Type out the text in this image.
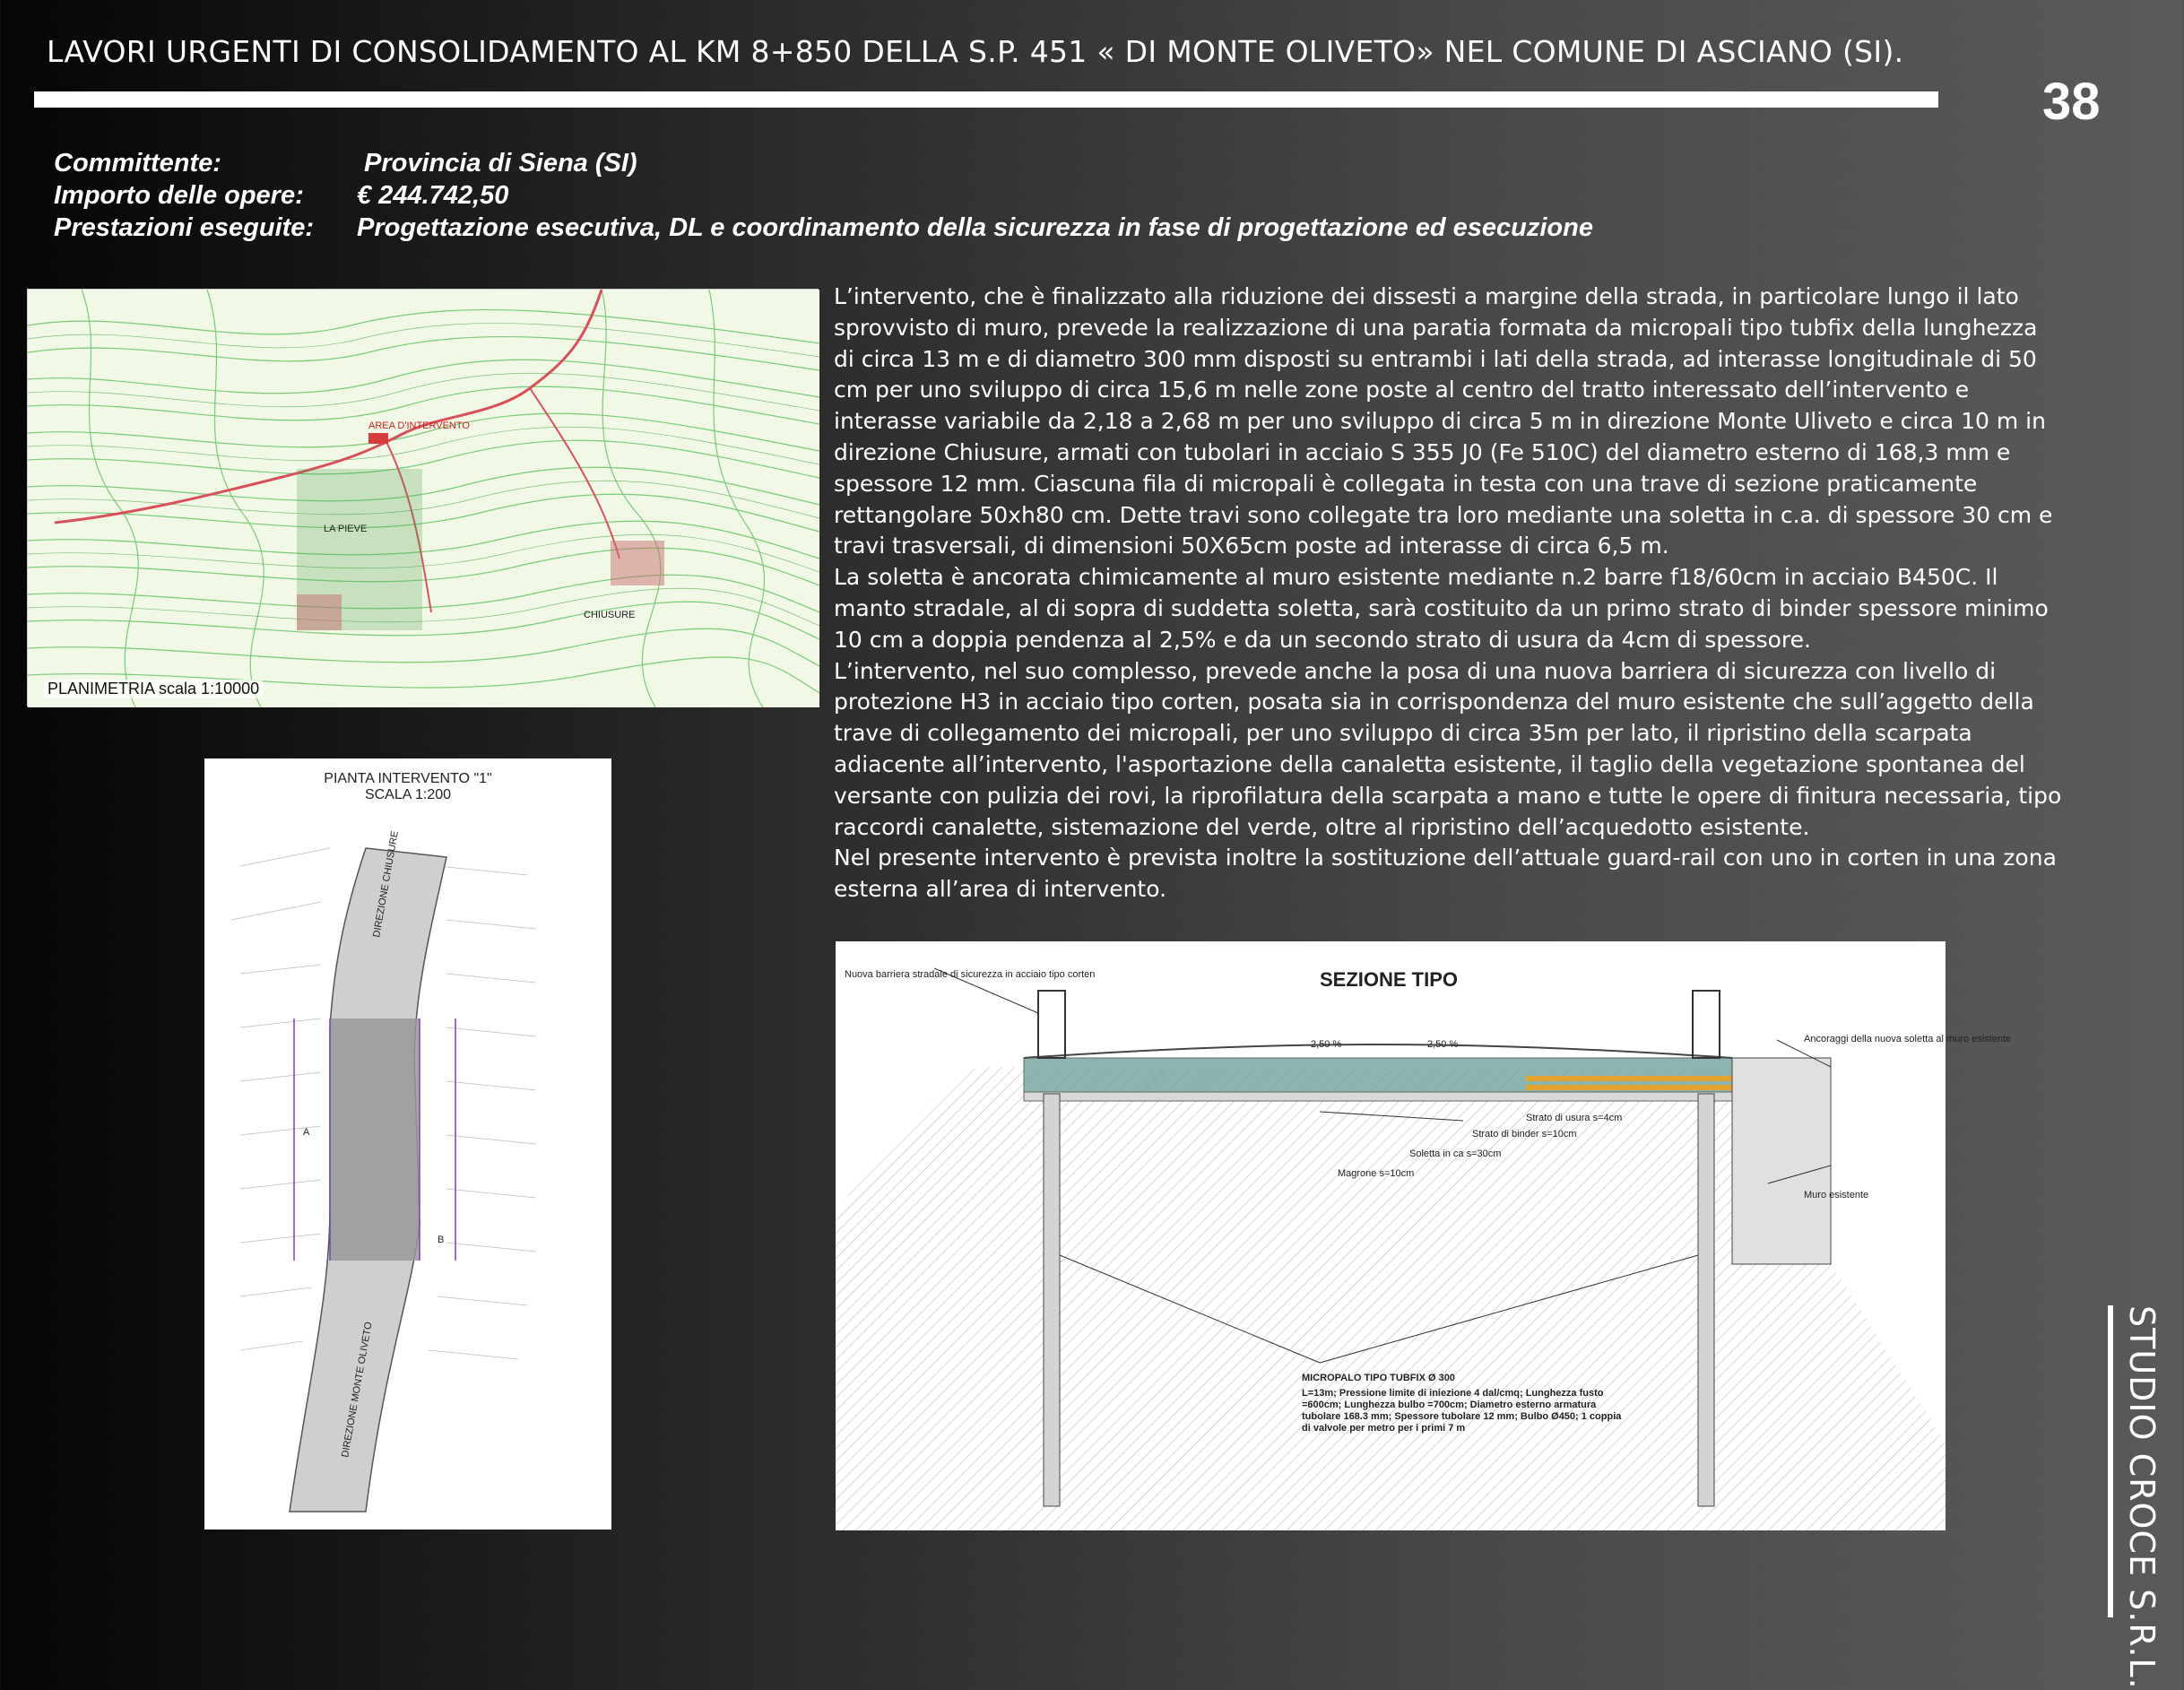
LAVORI URGENTI DI CONSOLIDAMENTO AL KM 8+850 DELLA S.P. 451 « DI MONTE OLIVETO» NEL COMUNE DI ASCIANO (SI).
38
Committente:	Provincia di Siena (SI)
Importo delle opere: € 244.742,50
Prestazioni eseguite: Progettazione esecutiva, DL e coordinamento della sicurezza in fase di progettazione ed esecuzione
AREA D'INTERVENTO
LA PIEVE
CHIUSURE
PLANIMETRIA scala 1:10000
PIANTA INTERVENTO "1"
SCALA 1:200
DIREZIONE CHIUSURE
DIREZIONE MONTE OLIVETO
A
B

L’intervento, che è finalizzato alla riduzione dei dissesti a margine della strada, in particolare lungo il lato sprovvisto di muro, prevede la realizzazione di una paratia formata da micropali tipo tubfix della lunghezza di circa 13 m e di diametro 300 mm disposti su entrambi i lati della strada, ad interasse longitudinale di 50 cm per uno sviluppo di circa 15,6 m nelle zone poste al centro del tratto interessato dell’intervento e interasse variabile da 2,18 a 2,68 m per uno sviluppo di circa 5 m in direzione Monte Uliveto e circa 10 m in direzione Chiusure, armati con tubolari in acciaio S 355 J0 (Fe 510C) del diametro esterno di 168,3 mm e spessore 12 mm. Ciascuna fila di micropali è collegata in testa con una trave di sezione praticamente rettangolare 50xh80 cm. Dette travi sono collegate tra loro mediante una soletta in c.a. di spessore 30 cm e travi trasversali, di dimensioni 50X65cm poste ad interasse di circa 6,5 m.

La soletta è ancorata chimicamente al muro esistente mediante n.2 barre f18/60cm in acciaio B450C. Il manto stradale, al di sopra di suddetta soletta, sarà costituito da un primo strato di binder spessore minimo 10 cm a doppia pendenza al 2,5% e da un secondo strato di usura da 4cm di spessore.

L’intervento, nel suo complesso, prevede anche la posa di una nuova barriera di sicurezza con livello di protezione H3 in acciaio tipo corten, posata sia in corrispondenza del muro esistente che sull’aggetto della trave di collegamento dei micropali, per uno sviluppo di circa 35m per lato, il ripristino della scarpata adiacente all’intervento, l'asportazione della canaletta esistente, il taglio della vegetazione spontanea del versante con pulizia dei rovi, la riprofilatura della scarpata a mano e tutte le opere di finitura necessaria, tipo raccordi canalette, sistemazione del verde, oltre al ripristino dell’acquedotto esistente.

Nel presente intervento è prevista inoltre la sostituzione dell’attuale guard-rail con uno in corten in una zona esterna all’area di intervento.

SEZIONE TIPO
Nuova barriera stradale di sicurezza in acciaio tipo corten
Ancoraggi della nuova soletta al muro esistente
Muro esistente
2,50 %	2,50 %
Strato di usura s=4cm
Strato di binder s=10cm
Soletta in ca s=30cm
Magrone s=10cm
MICROPALO TIPO TUBFIX Ø 300
L=13m; Pressione limite di iniezione 4 dal/cmq; Lunghezza fusto =600cm; Lunghezza bulbo =700cm; Diametro esterno armatura tubolare 168.3 mm; Spessore tubolare 12 mm; Bulbo Ø450; 1 coppia di valvole per metro per i primi 7 m	STUDIO CROCE S.R.L.
